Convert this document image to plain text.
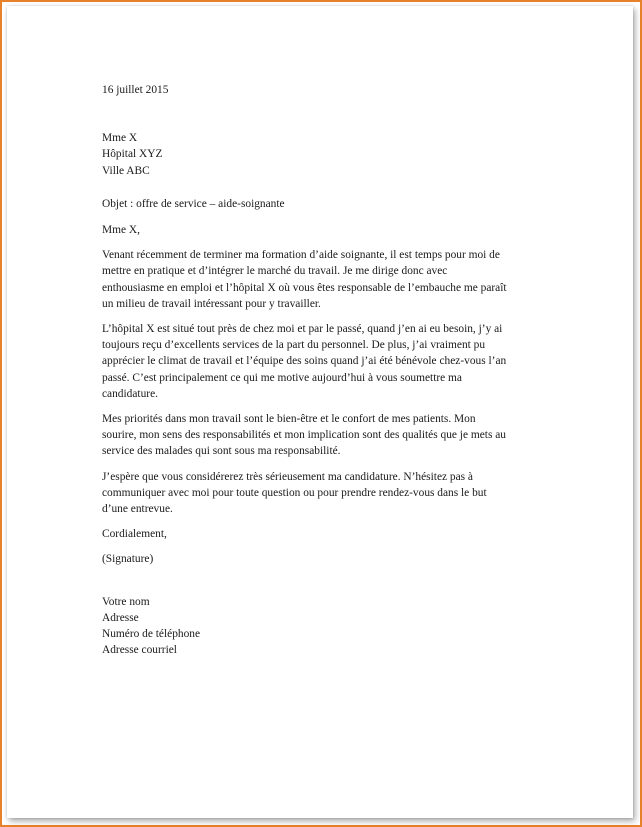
16 juillet 2015

Mme X
Hôpital XYZ
Ville ABC

Objet : offre de service – aide-soignante

Mme X,

Venant récemment de terminer ma formation d’aide soignante, il est temps pour moi de
mettre en pratique et d’intégrer le marché du travail. Je me dirige donc avec
enthousiasme en emploi et l’hôpital X où vous êtes responsable de l’embauche me paraît
un milieu de travail intéressant pour y travailler.

L’hôpital X est situé tout près de chez moi et par le passé, quand j’en ai eu besoin, j’y ai
toujours reçu d’excellents services de la part du personnel. De plus, j’ai vraiment pu
apprécier le climat de travail et l’équipe des soins quand j’ai été bénévole chez-vous l’an
passé. C’est principalement ce qui me motive aujourd’hui à vous soumettre ma
candidature.

Mes priorités dans mon travail sont le bien-être et le confort de mes patients. Mon
sourire, mon sens des responsabilités et mon implication sont des qualités que je mets au
service des malades qui sont sous ma responsabilité.

J’espère que vous considérerez très sérieusement ma candidature. N’hésitez pas à
communiquer avec moi pour toute question ou pour prendre rendez-vous dans le but
d’une entrevue.

Cordialement,

(Signature)

Votre nom
Adresse
Numéro de téléphone
Adresse courriel
